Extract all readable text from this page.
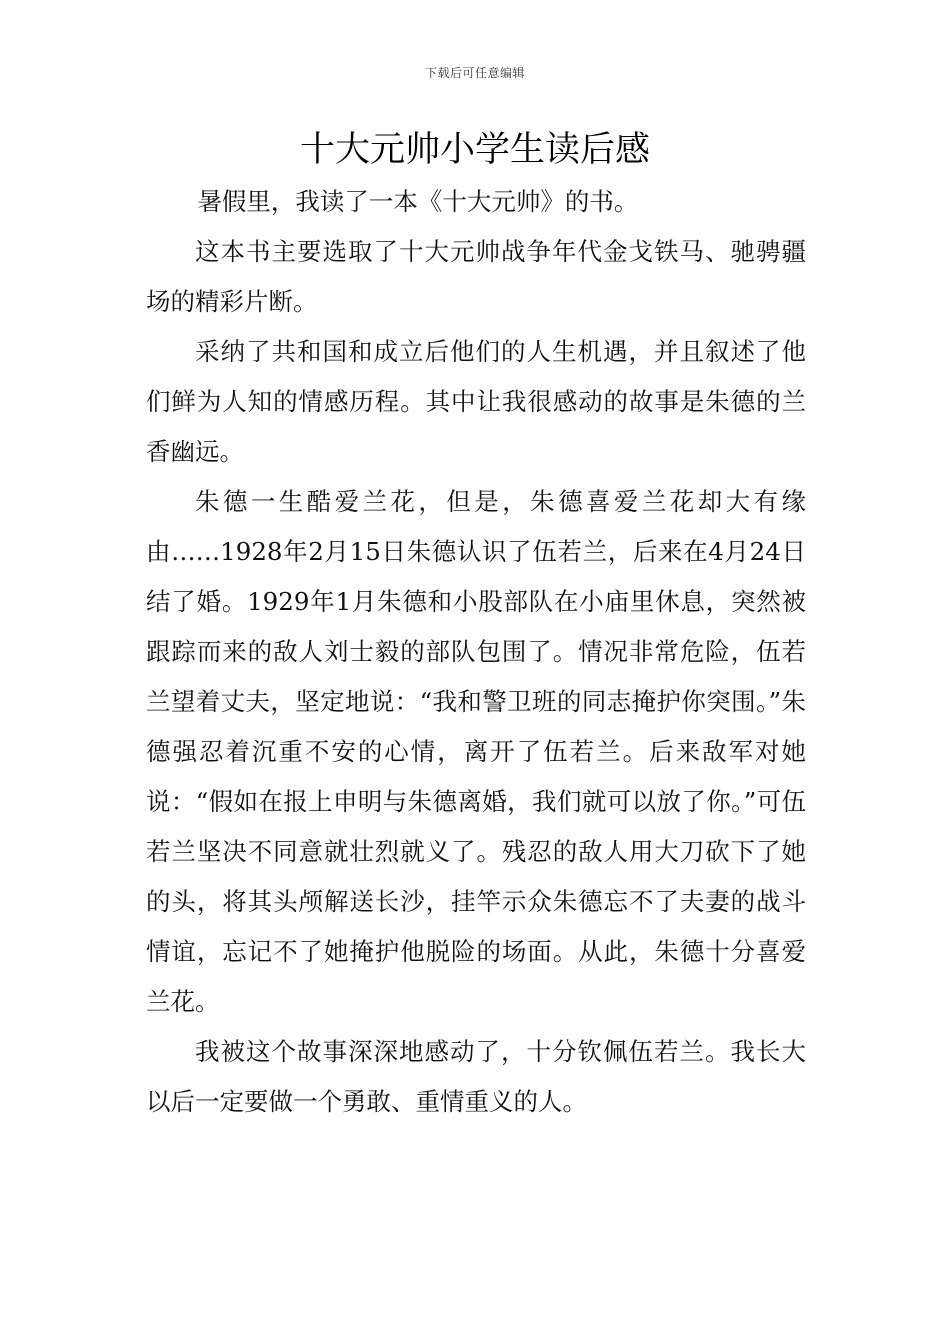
下载后可任意编辑
十大元帅小学生读后感

暑假里，我读了一本《十大元帅》的书。

这本书主要选取了十大元帅战争年代金戈铁马、驰骋疆场的精彩片断。

采纳了共和国和成立后他们的人生机遇，并且叙述了他们鲜为人知的情感历程。其中让我很感动的故事是朱德的兰香幽远。

朱德一生酷爱兰花，但是，朱德喜爱兰花却大有缘由……1928年2月15日朱德认识了伍若兰，后来在4月24日结了婚。1929年1月朱德和小股部队在小庙里休息，突然被跟踪而来的敌人刘士毅的部队包围了。情况非常危险，伍若兰望着丈夫，坚定地说：“我和警卫班的同志掩护你突围。”朱德强忍着沉重不安的心情，离开了伍若兰。后来敌军对她说：“假如在报上申明与朱德离婚，我们就可以放了你。”可伍若兰坚决不同意就壮烈就义了。残忍的敌人用大刀砍下了她的头，将其头颅解送长沙，挂竿示众朱德忘不了夫妻的战斗情谊，忘记不了她掩护他脱险的场面。从此，朱德十分喜爱兰花。

我被这个故事深深地感动了，十分钦佩伍若兰。我长大以后一定要做一个勇敢、重情重义的人。
